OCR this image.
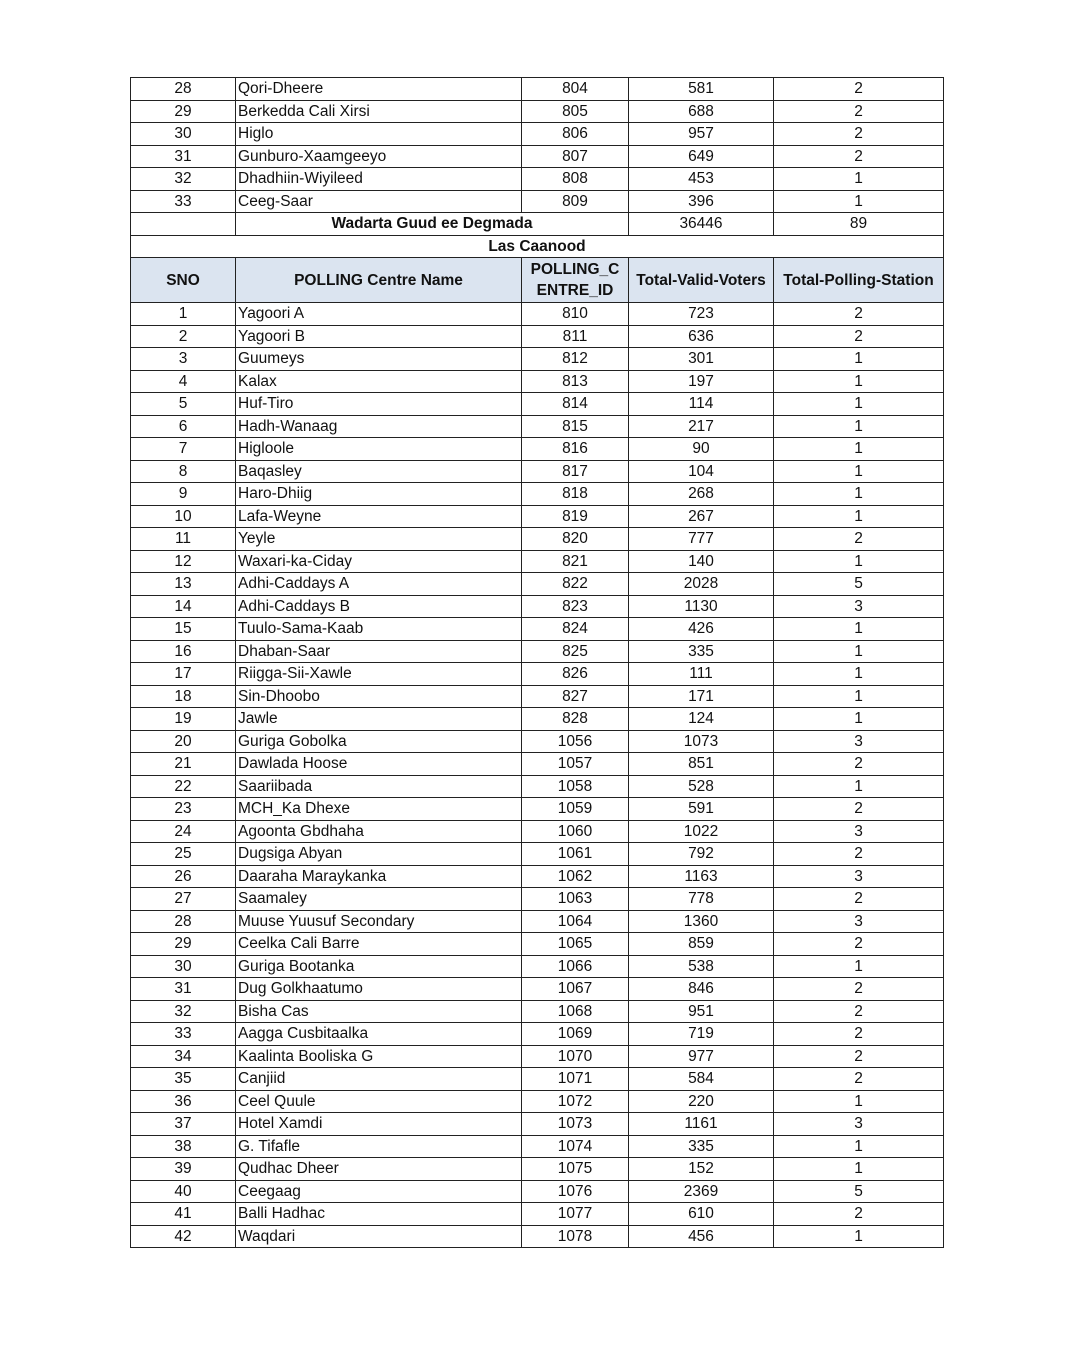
28	Qori-Dheere	804	581	2
29	Berkedda Cali Xirsi	805	688	2
30	Higlo	806	957	2
31	Gunburo-Xaamgeeyo	807	649	2
32	Dhadhiin-Wiyileed	808	453	1
33	Ceeg-Saar	809	396	1
	Wadarta Guud ee Degmada		36446	89
Las Caanood				
SNO	POLLING Centre Name	POLLING_CENTRE_ID	Total-Valid-Voters	Total-Polling-Station
1	Yagoori A	810	723	2
2	Yagoori B	811	636	2
3	Guumeys	812	301	1
4	Kalax	813	197	1
5	Huf-Tiro	814	114	1
6	Hadh-Wanaag	815	217	1
7	Higloole	816	90	1
8	Baqasley	817	104	1
9	Haro-Dhiig	818	268	1
10	Lafa-Weyne	819	267	1
11	Yeyle	820	777	2
12	Waxari-ka-Ciday	821	140	1
13	Adhi-Caddays A	822	2028	5
14	Adhi-Caddays B	823	1130	3
15	Tuulo-Sama-Kaab	824	426	1
16	Dhaban-Saar	825	335	1
17	Riigga-Sii-Xawle	826	111	1
18	Sin-Dhoobo	827	171	1
19	Jawle	828	124	1
20	Guriga Gobolka	1056	1073	3
21	Dawlada Hoose	1057	851	2
22	Saariibada	1058	528	1
23	MCH_Ka Dhexe	1059	591	2
24	Agoonta Gbdhaha	1060	1022	3
25	Dugsiga Abyan	1061	792	2
26	Daaraha Maraykanka	1062	1163	3
27	Saamaley	1063	778	2
28	Muuse Yuusuf Secondary	1064	1360	3
29	Ceelka Cali Barre	1065	859	2
30	Guriga Bootanka	1066	538	1
31	Dug Golkhaatumo	1067	846	2
32	Bisha Cas	1068	951	2
33	Aagga Cusbitaalka	1069	719	2
34	Kaalinta Booliska G	1070	977	2
35	Canjiid	1071	584	2
36	Ceel Quule	1072	220	1
37	Hotel Xamdi	1073	1161	3
38	G. Tifafle	1074	335	1
39	Qudhac Dheer	1075	152	1
40	Ceegaag	1076	2369	5
41	Balli Hadhac	1077	610	2
42	Waqdari	1078	456	1
